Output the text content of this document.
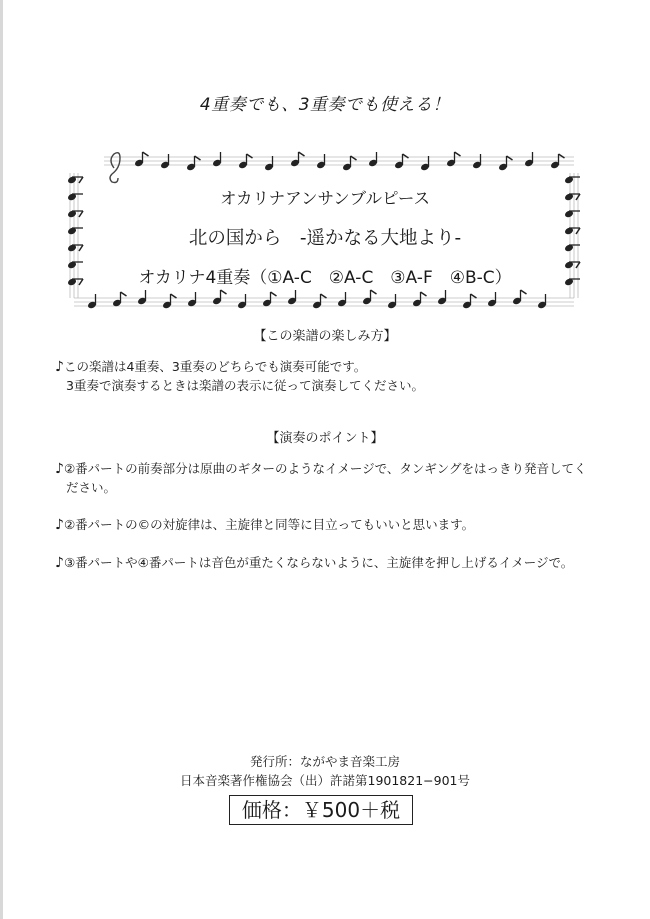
4重奏でも、3重奏でも使える！
オカリナアンサンブルピース
北の国から　-遥かなる大地より-
オカリナ4重奏（①A-C　②A-C　③A-F　④B-C）
【この楽譜の楽しみ方】
♪この楽譜は4重奏、3重奏のどちらでも演奏可能です。
3重奏で演奏するときは楽譜の表示に従って演奏してください。
【演奏のポイント】
♪②番パートの前奏部分は原曲のギターのようなイメージで、タンギングをはっきり発音してく
ださい。
♪②番パートの©の対旋律は、主旋律と同等に目立ってもいいと思います。
♪③番パートや④番パートは音色が重たくならないように、主旋律を押し上げるイメージで。
発行所：ながやま音楽工房
日本音楽著作権協会（出）許諾第1901821−901号
価格：￥500＋税
